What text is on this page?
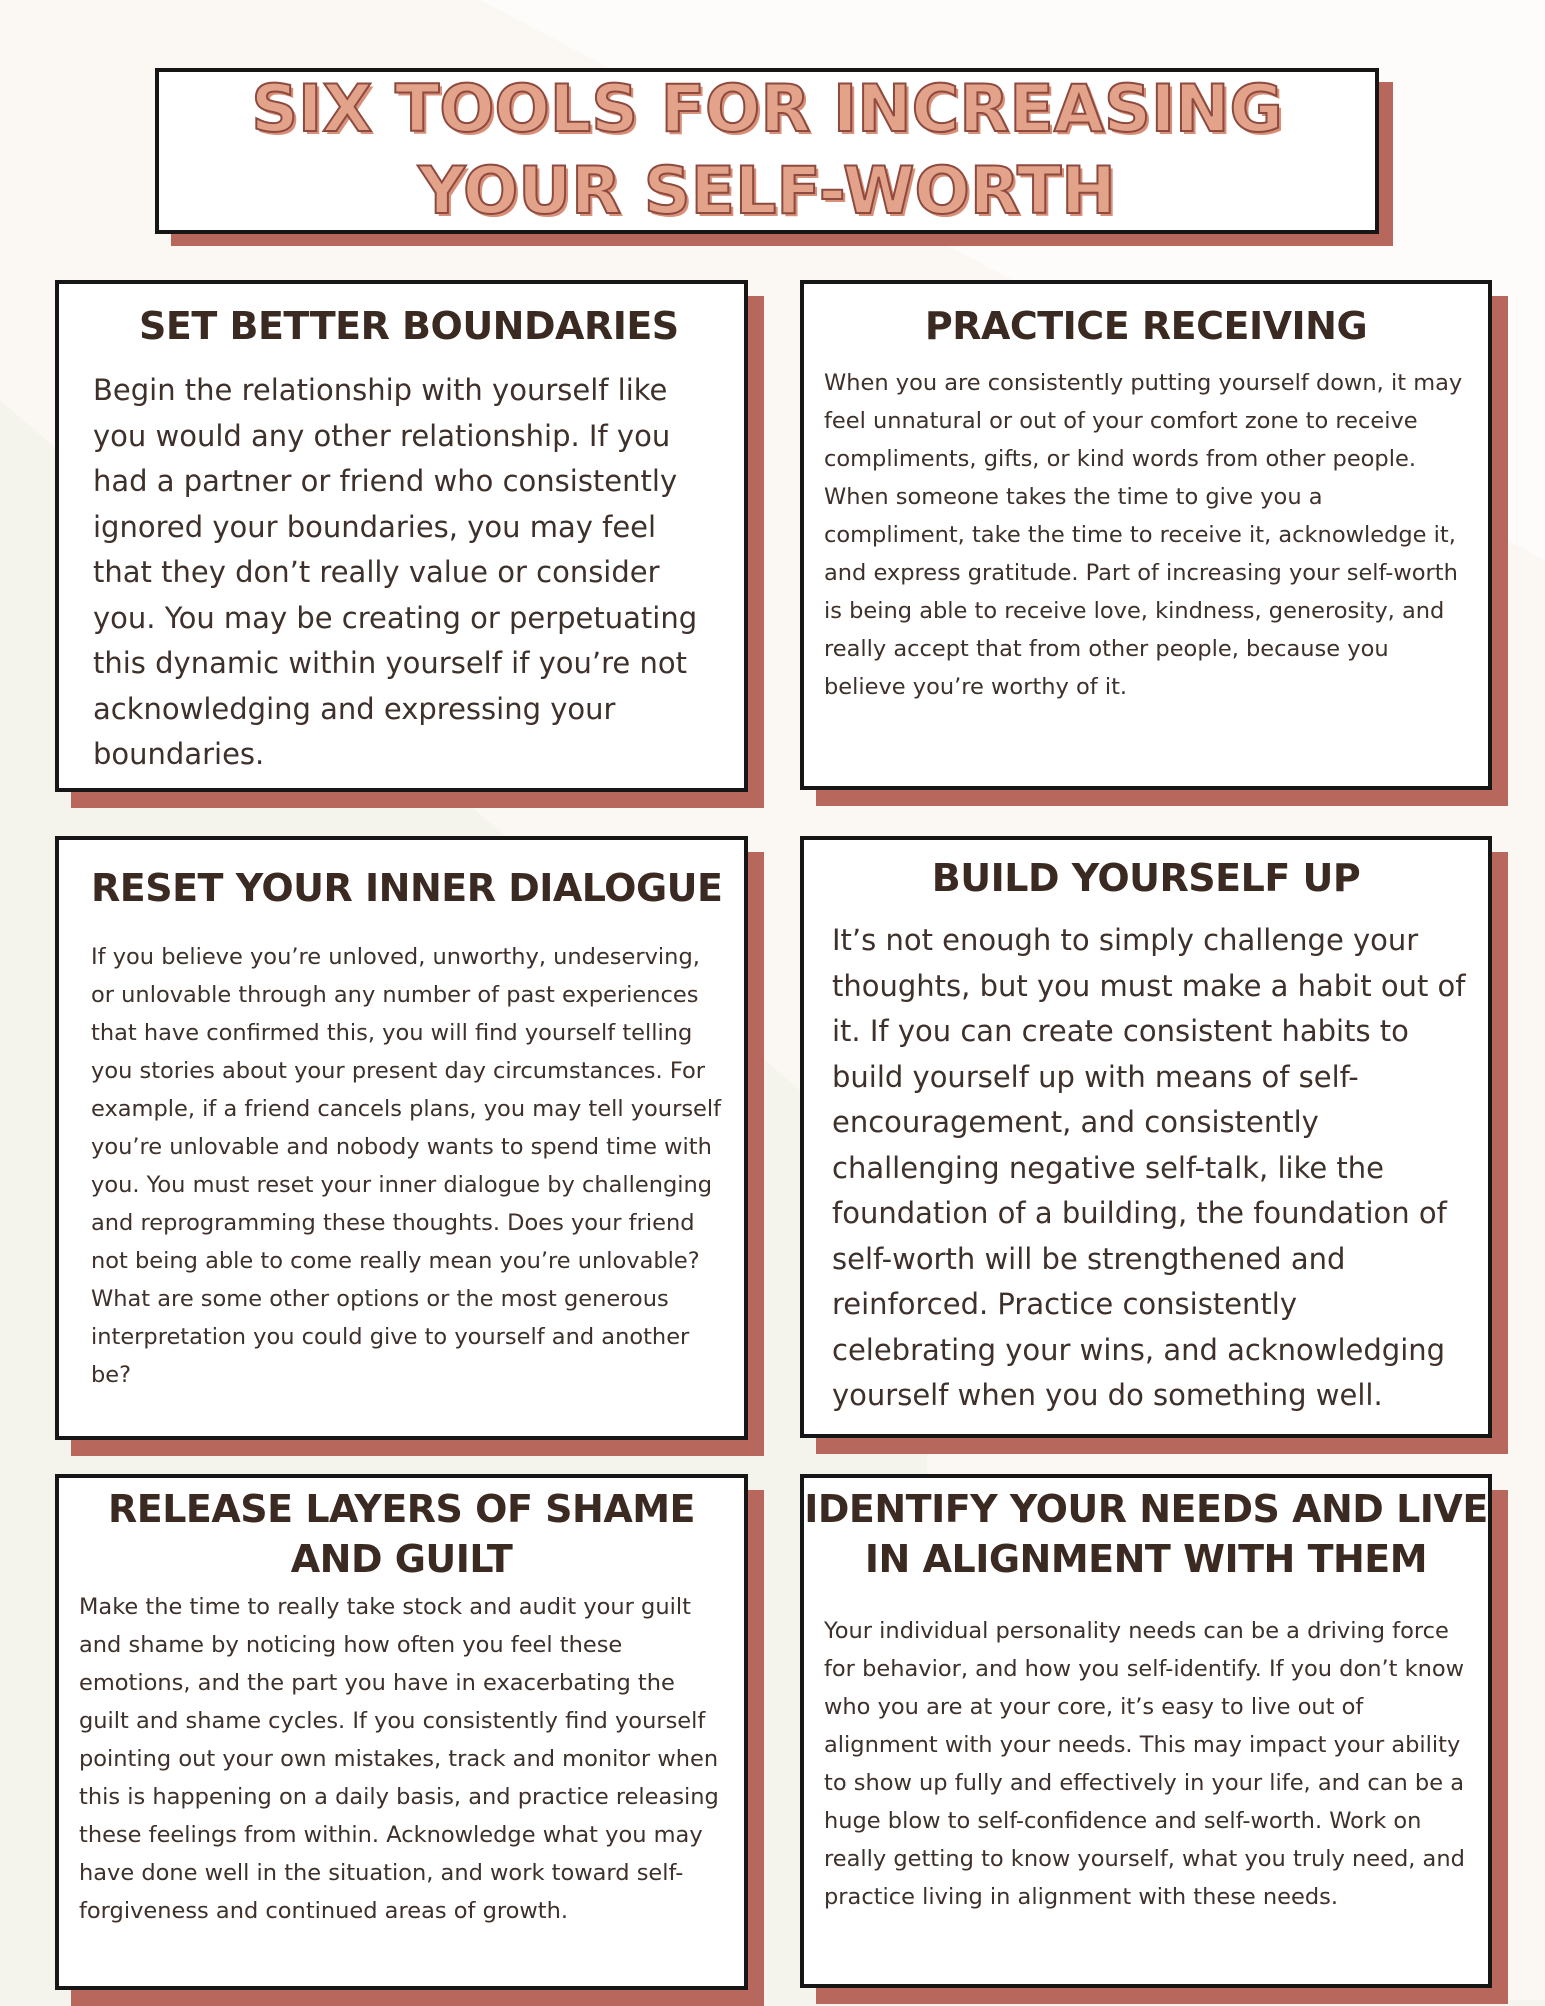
SIX TOOLS FOR INCREASING
YOUR SELF-WORTH
SET BETTER BOUNDARIES

Begin the relationship with yourself like you would any other relationship. If you had a partner or friend who consistently ignored your boundaries, you may feel that they don’t really value or consider you. You may be creating or perpetuating this dynamic within yourself if you’re not acknowledging and expressing your boundaries.

PRACTICE RECEIVING

When you are consistently putting yourself down, it may feel unnatural or out of your comfort zone to receive compliments, gifts, or kind words from other people. When someone takes the time to give you a compliment, take the time to receive it, acknowledge it, and express gratitude. Part of increasing your self-worth is being able to receive love, kindness, generosity, and really accept that from other people, because you believe you’re worthy of it.

RESET YOUR INNER DIALOGUE

If you believe you’re unloved, unworthy, undeserving, or unlovable through any number of past experiences that have confirmed this, you will find yourself telling you stories about your present day circumstances. For example, if a friend cancels plans, you may tell yourself you’re unlovable and nobody wants to spend time with you. You must reset your inner dialogue by challenging and reprogramming these thoughts. Does your friend not being able to come really mean you’re unlovable? What are some other options or the most generous interpretation you could give to yourself and another be?

BUILD YOURSELF UP

It’s not enough to simply challenge your thoughts, but you must make a habit out of it. If you can create consistent habits to build yourself up with means of self-encouragement, and consistently challenging negative self-talk, like the foundation of a building, the foundation of self-worth will be strengthened and reinforced. Practice consistently celebrating your wins, and acknowledging yourself when you do something well.

RELEASE LAYERS OF SHAME AND GUILT

Make the time to really take stock and audit your guilt and shame by noticing how often you feel these emotions, and the part you have in exacerbating the guilt and shame cycles. If you consistently find yourself pointing out your own mistakes, track and monitor when this is happening on a daily basis, and practice releasing these feelings from within. Acknowledge what you may have done well in the situation, and work toward self-forgiveness and continued areas of growth.

IDENTIFY YOUR NEEDS AND LIVE IN ALIGNMENT WITH THEM

Your individual personality needs can be a driving force for behavior, and how you self-identify. If you don’t know who you are at your core, it’s easy to live out of alignment with your needs. This may impact your ability to show up fully and effectively in your life, and can be a huge blow to self-confidence and self-worth. Work on really getting to know yourself, what you truly need, and practice living in alignment with these needs.
